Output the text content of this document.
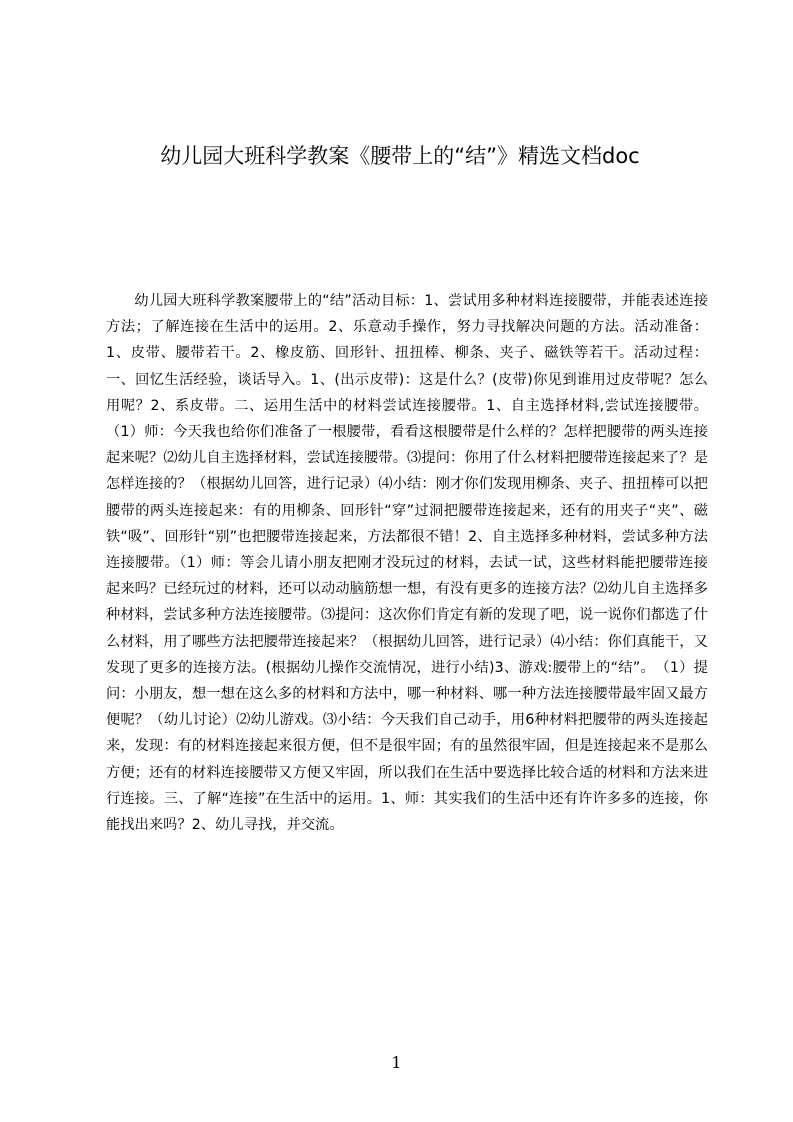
幼儿园大班科学教案《腰带上的“结”》精选文档doc

幼儿园大班科学教案腰带上的“结”活动目标：1、尝试用多种材料连接腰带，并能表述连接方法；了解连接在生活中的运用。2、乐意动手操作，努力寻找解决问题的方法。活动准备：1、皮带、腰带若干。2、橡皮筋、回形针、扭扭棒、柳条、夹子、磁铁等若干。活动过程：一、回忆生活经验，谈话导入。1、(出示皮带)：这是什么？(皮带)你见到谁用过皮带呢？怎么用呢？2、系皮带。二、运用生活中的材料尝试连接腰带。1、自主选择材料,尝试连接腰带。（1）师：今天我也给你们准备了一根腰带，看看这根腰带是什么样的？怎样把腰带的两头连接起来呢？⑵幼儿自主选择材料，尝试连接腰带。⑶提问：你用了什么材料把腰带连接起来了？是怎样连接的？（根据幼儿回答，进行记录）⑷小结：刚才你们发现用柳条、夹子、扭扭棒可以把腰带的两头连接起来：有的用柳条、回形针“穿”过洞把腰带连接起来，还有的用夹子“夹”、磁铁“吸”、回形针“别”也把腰带连接起来，方法都很不错！2、自主选择多种材料，尝试多种方法连接腰带。（1）师：等会儿请小朋友把刚才没玩过的材料，去试一试，这些材料能把腰带连接起来吗？已经玩过的材料，还可以动动脑筋想一想，有没有更多的连接方法？⑵幼儿自主选择多种材料，尝试多种方法连接腰带。⑶提问：这次你们肯定有新的发现了吧，说一说你们都选了什么材料，用了哪些方法把腰带连接起来？（根据幼儿回答，进行记录）⑷小结：你们真能干，又发现了更多的连接方法。(根据幼儿操作交流情况，进行小结)3、游戏:腰带上的“结”。　（1）提问：小朋友，想一想在这么多的材料和方法中，哪一种材料、哪一种方法连接腰带最牢固又最方便呢？（幼儿讨论）⑵幼儿游戏。⑶小结：今天我们自己动手，用6种材料把腰带的两头连接起来，发现：有的材料连接起来很方便，但不是很牢固；有的虽然很牢固，但是连接起来不是那么方便；还有的材料连接腰带又方便又牢固，所以我们在生活中要选择比较合适的材料和方法来进行连接。三、了解“连接”在生活中的运用。1、师：其实我们的生活中还有许许多多的连接，你能找出来吗？2、幼儿寻找，并交流。

1
